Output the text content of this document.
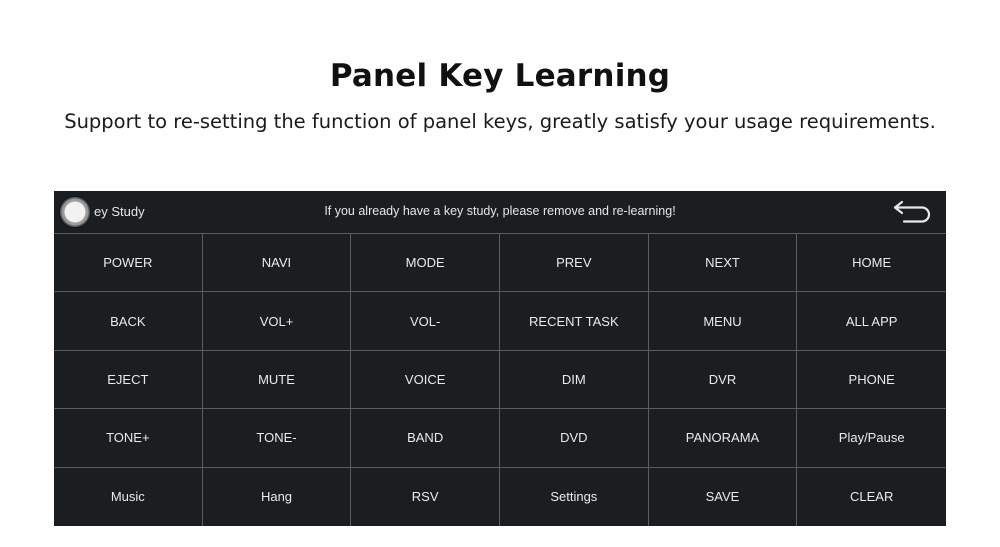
Panel Key Learning
Support to re-setting the function of panel keys, greatly satisfy your usage requirements.
ey Study	If you already have a key study, please remove and re-learning!
POWER	NAVI	MODE	PREV	NEXT	HOME
BACK	VOL+	VOL-	RECENT TASK	MENU	ALL APP
EJECT	MUTE	VOICE	DIM	DVR	PHONE
TONE+	TONE-	BAND	DVD	PANORAMA	Play/Pause
Music	Hang	RSV	Settings	SAVE	CLEAR
